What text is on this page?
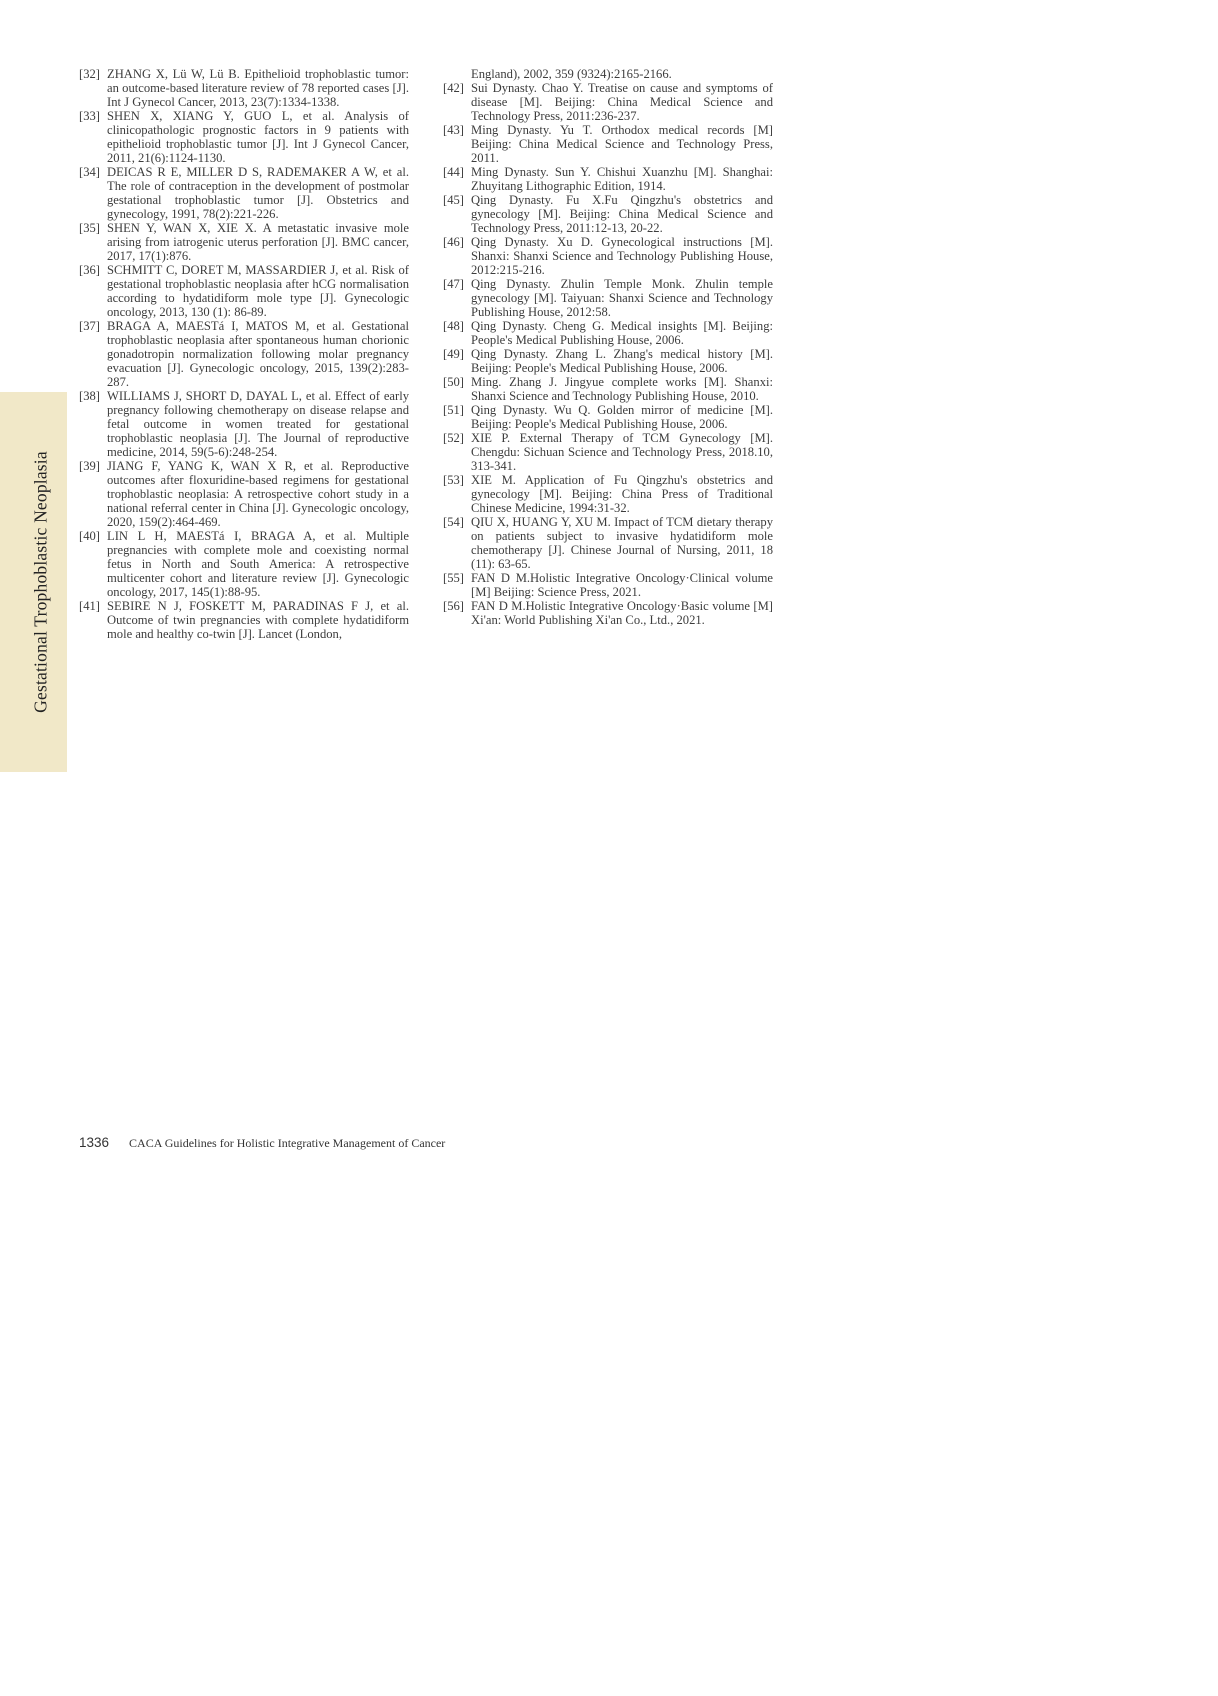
Gestational Trophoblastic Neoplasia
[32] ZHANG X, Lü W, Lü B. Epithelioid trophoblastic tumor: an outcome-based literature review of 78 reported cases [J]. Int J Gynecol Cancer, 2013, 23(7):1334-1338.
[33] SHEN X, XIANG Y, GUO L, et al. Analysis of clinicopathologic prognostic factors in 9 patients with epithelioid trophoblastic tumor [J]. Int J Gynecol Cancer, 2011, 21(6):1124-1130.
[34] DEICAS R E, MILLER D S, RADEMAKER A W, et al. The role of contraception in the development of postmolar gestational trophoblastic tumor [J]. Obstetrics and gynecology, 1991, 78(2):221-226.
[35] SHEN Y, WAN X, XIE X. A metastatic invasive mole arising from iatrogenic uterus perforation [J]. BMC cancer, 2017, 17(1):876.
[36] SCHMITT C, DORET M, MASSARDIER J, et al. Risk of gestational trophoblastic neoplasia after hCG normalisation according to hydatidiform mole type [J]. Gynecologic oncology, 2013, 130 (1): 86-89.
[37] BRAGA A, MAESTá I, MATOS M, et al. Gestational trophoblastic neoplasia after spontaneous human chorionic gonadotropin normalization following molar pregnancy evacuation [J]. Gynecologic oncology, 2015, 139(2):283-287.
[38] WILLIAMS J, SHORT D, DAYAL L, et al. Effect of early pregnancy following chemotherapy on disease relapse and fetal outcome in women treated for gestational trophoblastic neoplasia [J]. The Journal of reproductive medicine, 2014, 59(5-6):248-254.
[39] JIANG F, YANG K, WAN X R, et al. Reproductive outcomes after floxuridine-based regimens for gestational trophoblastic neoplasia: A retrospective cohort study in a national referral center in China [J]. Gynecologic oncology, 2020, 159(2):464-469.
[40] LIN L H, MAESTá I, BRAGA A, et al. Multiple pregnancies with complete mole and coexisting normal fetus in North and South America: A retrospective multicenter cohort and literature review [J]. Gynecologic oncology, 2017, 145(1):88-95.
[41] SEBIRE N J, FOSKETT M, PARADINAS F J, et al. Outcome of twin pregnancies with complete hydatidiform mole and healthy co-twin [J]. Lancet (London,
England), 2002, 359 (9324):2165-2166.
[42] Sui Dynasty. Chao Y. Treatise on cause and symptoms of disease [M]. Beijing: China Medical Science and Technology Press, 2011:236-237.
[43] Ming Dynasty. Yu T. Orthodox medical records [M] Beijing: China Medical Science and Technology Press, 2011.
[44] Ming Dynasty. Sun Y. Chishui Xuanzhu [M]. Shanghai: Zhuyitang Lithographic Edition, 1914.
[45] Qing Dynasty. Fu X.Fu Qingzhu's obstetrics and gynecology [M]. Beijing: China Medical Science and Technology Press, 2011:12-13, 20-22.
[46] Qing Dynasty. Xu D. Gynecological instructions [M]. Shanxi: Shanxi Science and Technology Publishing House, 2012:215-216.
[47] Qing Dynasty. Zhulin Temple Monk. Zhulin temple gynecology [M]. Taiyuan: Shanxi Science and Technology Publishing House, 2012:58.
[48] Qing Dynasty. Cheng G. Medical insights [M]. Beijing: People's Medical Publishing House, 2006.
[49] Qing Dynasty. Zhang L. Zhang's medical history [M]. Beijing: People's Medical Publishing House, 2006.
[50] Ming. Zhang J. Jingyue complete works [M]. Shanxi: Shanxi Science and Technology Publishing House, 2010.
[51] Qing Dynasty. Wu Q. Golden mirror of medicine [M]. Beijing: People's Medical Publishing House, 2006.
[52] XIE P. External Therapy of TCM Gynecology [M]. Chengdu: Sichuan Science and Technology Press, 2018.10, 313-341.
[53] XIE M. Application of Fu Qingzhu's obstetrics and gynecology [M]. Beijing: China Press of Traditional Chinese Medicine, 1994:31-32.
[54] QIU X, HUANG Y, XU M. Impact of TCM dietary therapy on patients subject to invasive hydatidiform mole chemotherapy [J]. Chinese Journal of Nursing, 2011, 18 (11): 63-65.
[55] FAN D M.Holistic Integrative Oncology·Clinical volume [M] Beijing: Science Press, 2021.
[56] FAN D M.Holistic Integrative Oncology·Basic volume [M] Xi'an: World Publishing Xi'an Co., Ltd., 2021.
1336 CACA Guidelines for Holistic Integrative Management of Cancer
